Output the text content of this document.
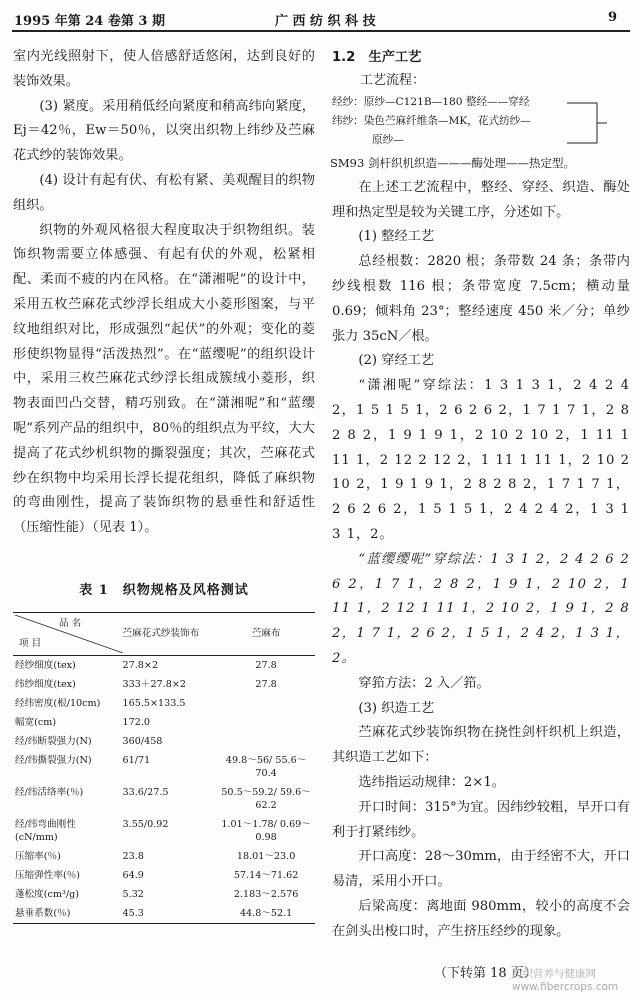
1995 年第 24 卷第 3 期	广 西 纺 织 科 技	9

室内光线照射下，使人倍感舒适悠闲，达到良好的装饰效果。

(3) 紧度。采用稍低经向紧度和稍高纬向紧度，Ej＝42％，Ew＝50％，以突出织物上纬纱及苎麻花式纱的装饰效果。

(4) 设计有起有伏、有松有紧、美观醒目的织物组织。

织物的外观风格很大程度取决于织物组织。装饰织物需要立体感强、有起有伏的外观，松紧相配、柔而不疲的内在风格。在“潇湘呢”的设计中，采用五枚苎麻花式纱浮长组成大小菱形图案，与平纹地组织对比，形成强烈“起伏”的外观；变化的菱形使织物显得“活泼热烈”。在“蓝缨呢”的组织设计中，采用三枚苎麻花式纱浮长组成簇绒小菱形，织物表面凹凸交替，精巧别致。在“潇湘呢”和“蓝缨呢”系列产品的组织中，80％的组织点为平纹，大大提高了花式纱机织物的撕裂强度；其次，苎麻花式纱在织物中均采用长浮长提花组织，降低了麻织物的弯曲刚性，提高了装饰织物的悬垂性和舒适性（压缩性能）（见表 1）。

表 1　织物规格及风格测试
品 名
项 目	苎麻花式纱装饰布	苎麻布
经纱细度(tex)	27.8×2	27.8
纬纱细度(tex)	333＋27.8×2	27.8
经纬密度(根/10cm)	165.5×133.5	
幅宽(cm)	172.0	
经/纬断裂强力(N)	360/458	
经/纬撕裂强力(N)	61/71	49.8～56/ 55.6～70.4
经/纬活络率(％)	33.6/27.5	50.5～59.2/ 59.6～62.2
经/纬弯曲刚性 (cN/mm)	3.55/0.92	1.01～1.78/ 0.69～0.98
压缩率(％)	23.8	18.01～23.0
压缩弹性率(％)	64.9	57.14～71.62
蓬松度(cm³/g)	5.32	2.183～2.576
悬垂系数(％)	45.3	44.8～52.1
1.2　生产工艺
工艺流程：
经纱：原纱—C121B—180 整经——穿经
纬纱：染色苎麻纤维条—MK，花式纺纱—
原纱—

SM93 剑杆织机织造———酶处理——热定型。

在上述工艺流程中，整经、穿经、织造、酶处理和热定型是较为关键工序，分述如下。

(1) 整经工艺

总经根数：2820 根；条带数 24 条；条带内纱线根数 116 根；条带宽度 7.5cm；横动量 0.69；倾料角 23°；整经速度 450 米／分；单纱张力 35cN／根。

(2) 穿经工艺

“潇湘呢”穿综法：1 3 1 3 1，2 4 2 4 2，1 5 1 5 1，2 6 2 6 2，1 7 1 7 1，2 8 2 8 2，1 9 1 9 1，2 10 2 10 2，1 11 1 11 1，2 12 2 12 2，1 11 1 11 1，2 10 2 10 2，1 9 1 9 1，2 8 2 8 2，1 7 1 7 1，2 6 2 6 2，1 5 1 5 1，2 4 2 4 2，1 3 1 3 1，2。

“蓝缨缨呢”穿综法：1 3 1 2，2 4 2 6 2 6 2，1 7 1，2 8 2，1 9 1，2 10 2，1 11 1，2 12 1 11 1，2 10 2，1 9 1，2 8 2，1 7 1，2 6 2，1 5 1，2 4 2，1 3 1，2。

穿筘方法：2 入／筘。

(3) 织造工艺

苎麻花式纱装饰织物在挠性剑杆织机上织造，其织造工艺如下：

选纬指运动规律：2×1。

开口时间：315°为宜。因纬纱较粗，早开口有利于打紧纬纱。

开口高度：28～30mm，由于经密不大，开口易清，采用小开口。

后梁高度：离地面 980mm，较小的高度不会在剑头出梭口时，产生挤压经纱的现象。

（下转第 18 页）
纺织营养与健康网 www.fibercrops.com
